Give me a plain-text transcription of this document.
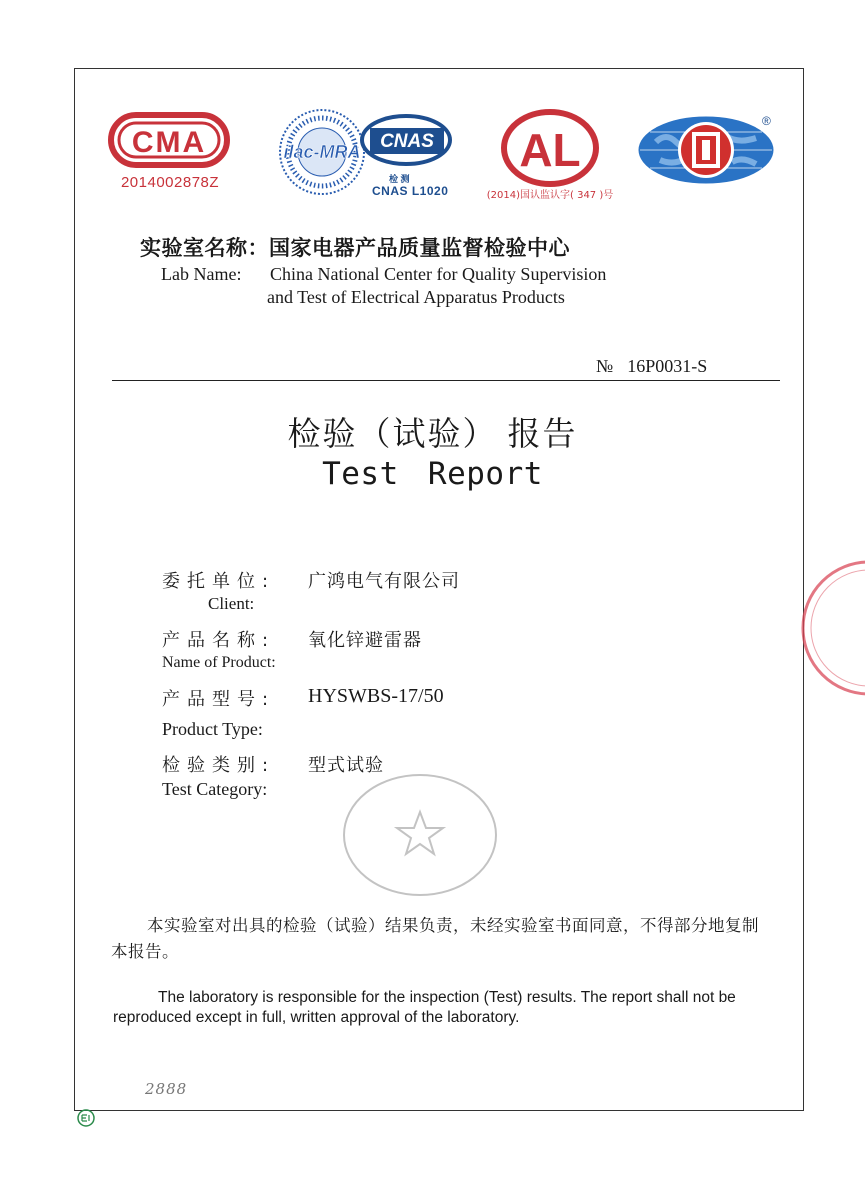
CMA
2014002878Z
ilac-MRA CNAS
检 测
CNAS L1020
AL
(2014)国认监认字( 347 )号
®
实验室名称：国家电器产品质量监督检验中心
Lab Name: China National Center for Quality Supervision
and Test of Electrical Apparatus Products
№ 16P0031-S
检验（试验） 报告
Test Report
委托单位: 广鸿电气有限公司
Client:
产品名称: 氧化锌避雷器
Name of Product:
产品型号: HYSWBS-17/50
Product Type:
检验类别: 型式试验
Test Category:
本实验室对出具的检验（试验）结果负责，未经实验室书面同意，不得部分地复制本报告。
The laboratory is responsible for the inspection (Test) results. The report shall not be reproduced except in full, written approval of the laboratory.
2888
